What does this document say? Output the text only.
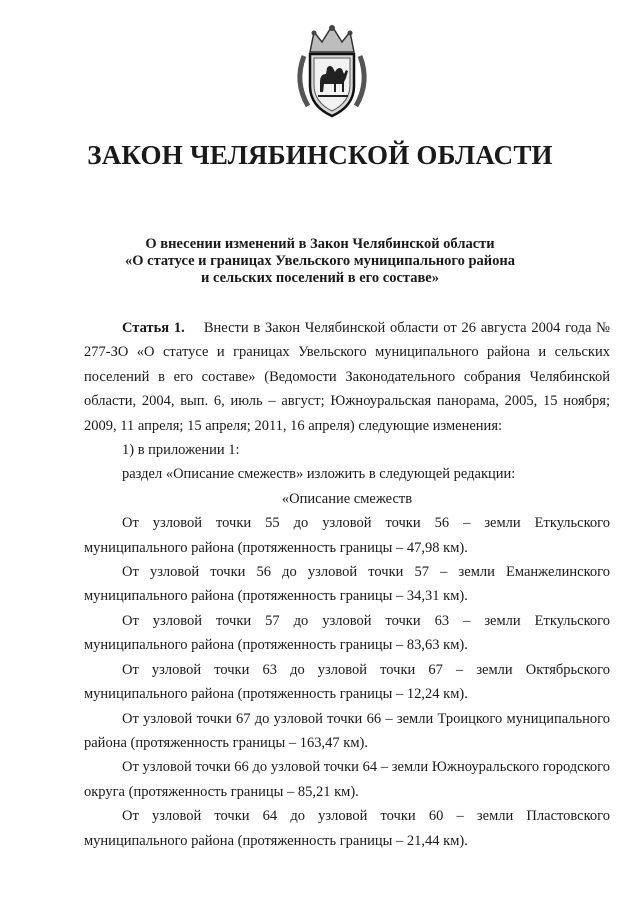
ЗАКОН ЧЕЛЯБИНСКОЙ ОБЛАСТИ
О внесении изменений в Закон Челябинской области
«О статусе и границах Увельского муниципального района
и сельских поселений в его составе»

Статья 1. Внести в Закон Челябинской области от 26 августа 2004 года № 277-ЗО «О статусе и границах Увельского муниципального района и сельских поселений в его составе» (Ведомости Законодательного собрания Челябинской области, 2004, вып. 6, июль – август; Южноуральская панорама, 2005, 15 ноября; 2009, 11 апреля; 15 апреля; 2011, 16 апреля) следующие изменения:

1) в приложении 1:

раздел «Описание смежеств» изложить в следующей редакции:

«Описание смежеств

От узловой точки 55 до узловой точки 56 – земли Еткульского муниципального района (протяженность границы – 47,98 км).

От узловой точки 56 до узловой точки 57 – земли Еманжелинского муниципального района (протяженность границы – 34,31 км).

От узловой точки 57 до узловой точки 63 – земли Еткульского муниципального района (протяженность границы – 83,63 км).

От узловой точки 63 до узловой точки 67 – земли Октябрьского муниципального района (протяженность границы – 12,24 км).

От узловой точки 67 до узловой точки 66 – земли Троицкого муниципального района (протяженность границы – 163,47 км).

От узловой точки 66 до узловой точки 64 – земли Южноуральского городского округа (протяженность границы – 85,21 км).

От узловой точки 64 до узловой точки 60 – земли Пластовского муниципального района (протяженность границы – 21,44 км).
